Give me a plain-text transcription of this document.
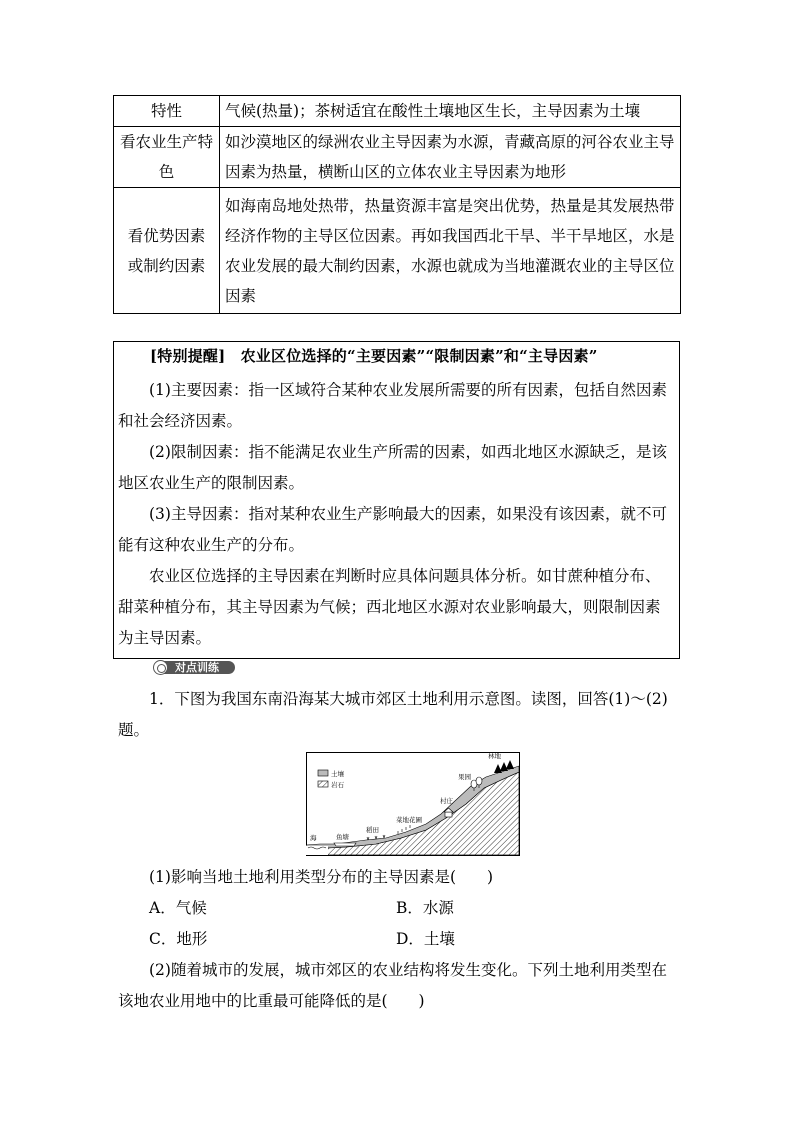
特性	气候(热量)；茶树适宜在酸性土壤地区生长，主导因素为土壤
看农业生产特色	如沙漠地区的绿洲农业主导因素为水源，青藏高原的河谷农业主导因素为热量，横断山区的立体农业主导因素为地形
看优势因素或制约因素	如海南岛地处热带，热量资源丰富是突出优势，热量是其发展热带经济作物的主导区位因素。再如我国西北干旱、半干旱地区，水是农业发展的最大制约因素，水源也就成为当地灌溉农业的主导区位因素
[特别提醒]　农业区位选择的“主要因素”“限制因素”和“主导因素”
(1)主要因素：指一区域符合某种农业发展所需要的所有因素，包括自然因素和社会经济因素。
(2)限制因素：指不能满足农业生产所需的因素，如西北地区水源缺乏，是该地区农业生产的限制因素。
(3)主导因素：指对某种农业生产影响最大的因素，如果没有该因素，就不可能有这种农业生产的分布。
农业区位选择的主导因素在判断时应具体问题具体分析。如甘蔗种植分布、甜菜种植分布，其主导因素为气候；西北地区水源对农业影响最大，则限制因素为主导因素。
对点训练
1．下图为我国东南沿海某大城市郊区土地利用示意图。读图，回答(1)～(2)题。
土壤
岩石
海	鱼塘
稻田
菜地花圃
村庄
果园
林地
(1)影响当地土地利用类型分布的主导因素是(　　)
A．气候	B．水源
C．地形	D．土壤
(2)随着城市的发展，城市郊区的农业结构将发生变化。下列土地利用类型在该地农业用地中的比重最可能降低的是(　　)
